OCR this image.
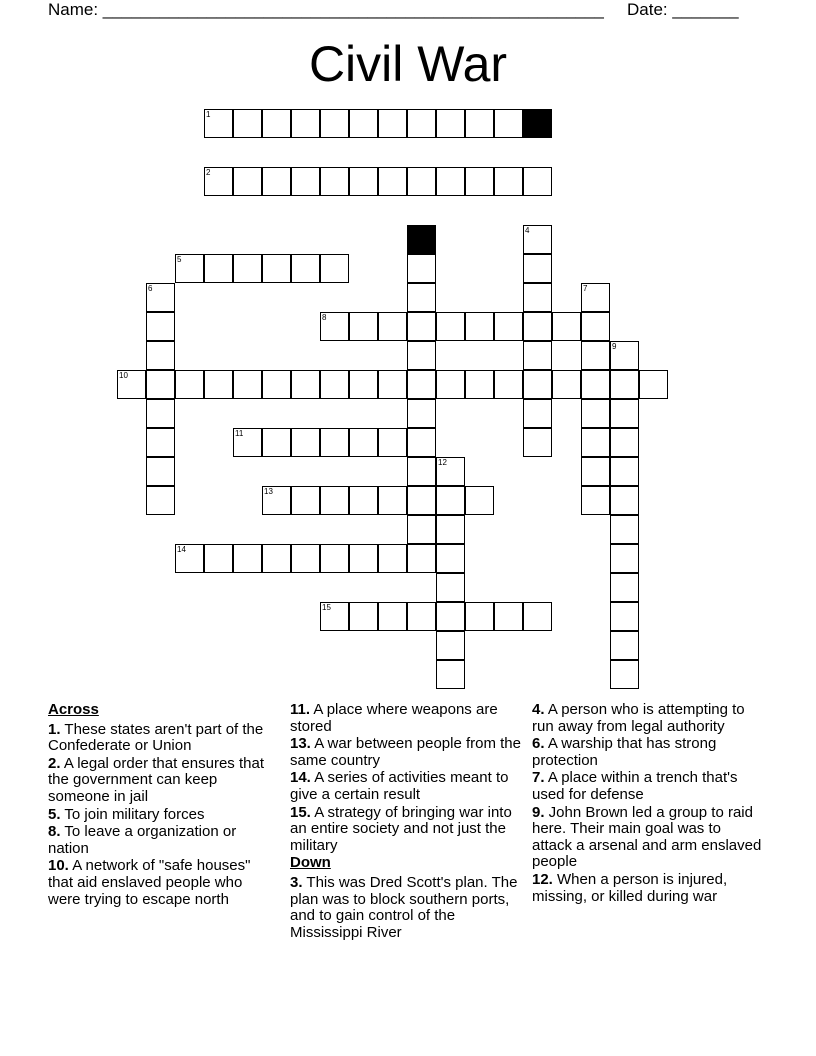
Name: _____________________________________________________ Date: _______
Civil War
1
2
4
5
6	7
8
9
10
11
12
13
14
15
Across
1. These states aren't part of the Confederate or Union
2. A legal order that ensures that the government can keep someone in jail
5. To join military forces
8. To leave a organization or nation
10. A network of "safe houses" that aid enslaved people who were trying to escape north
11. A place where weapons are stored
13. A war between people from the same country
14. A series of activities meant to give a certain result
15. A strategy of bringing war into an entire society and not just the military
Down
3. This was Dred Scott's plan. The plan was to block southern ports, and to gain control of the Mississippi River
4. A person who is attempting to run away from legal authority
6. A warship that has strong protection
7. A place within a trench that's used for defense
9. John Brown led a group to raid here. Their main goal was to attack a arsenal and arm enslaved people
12. When a person is injured, missing, or killed during war
